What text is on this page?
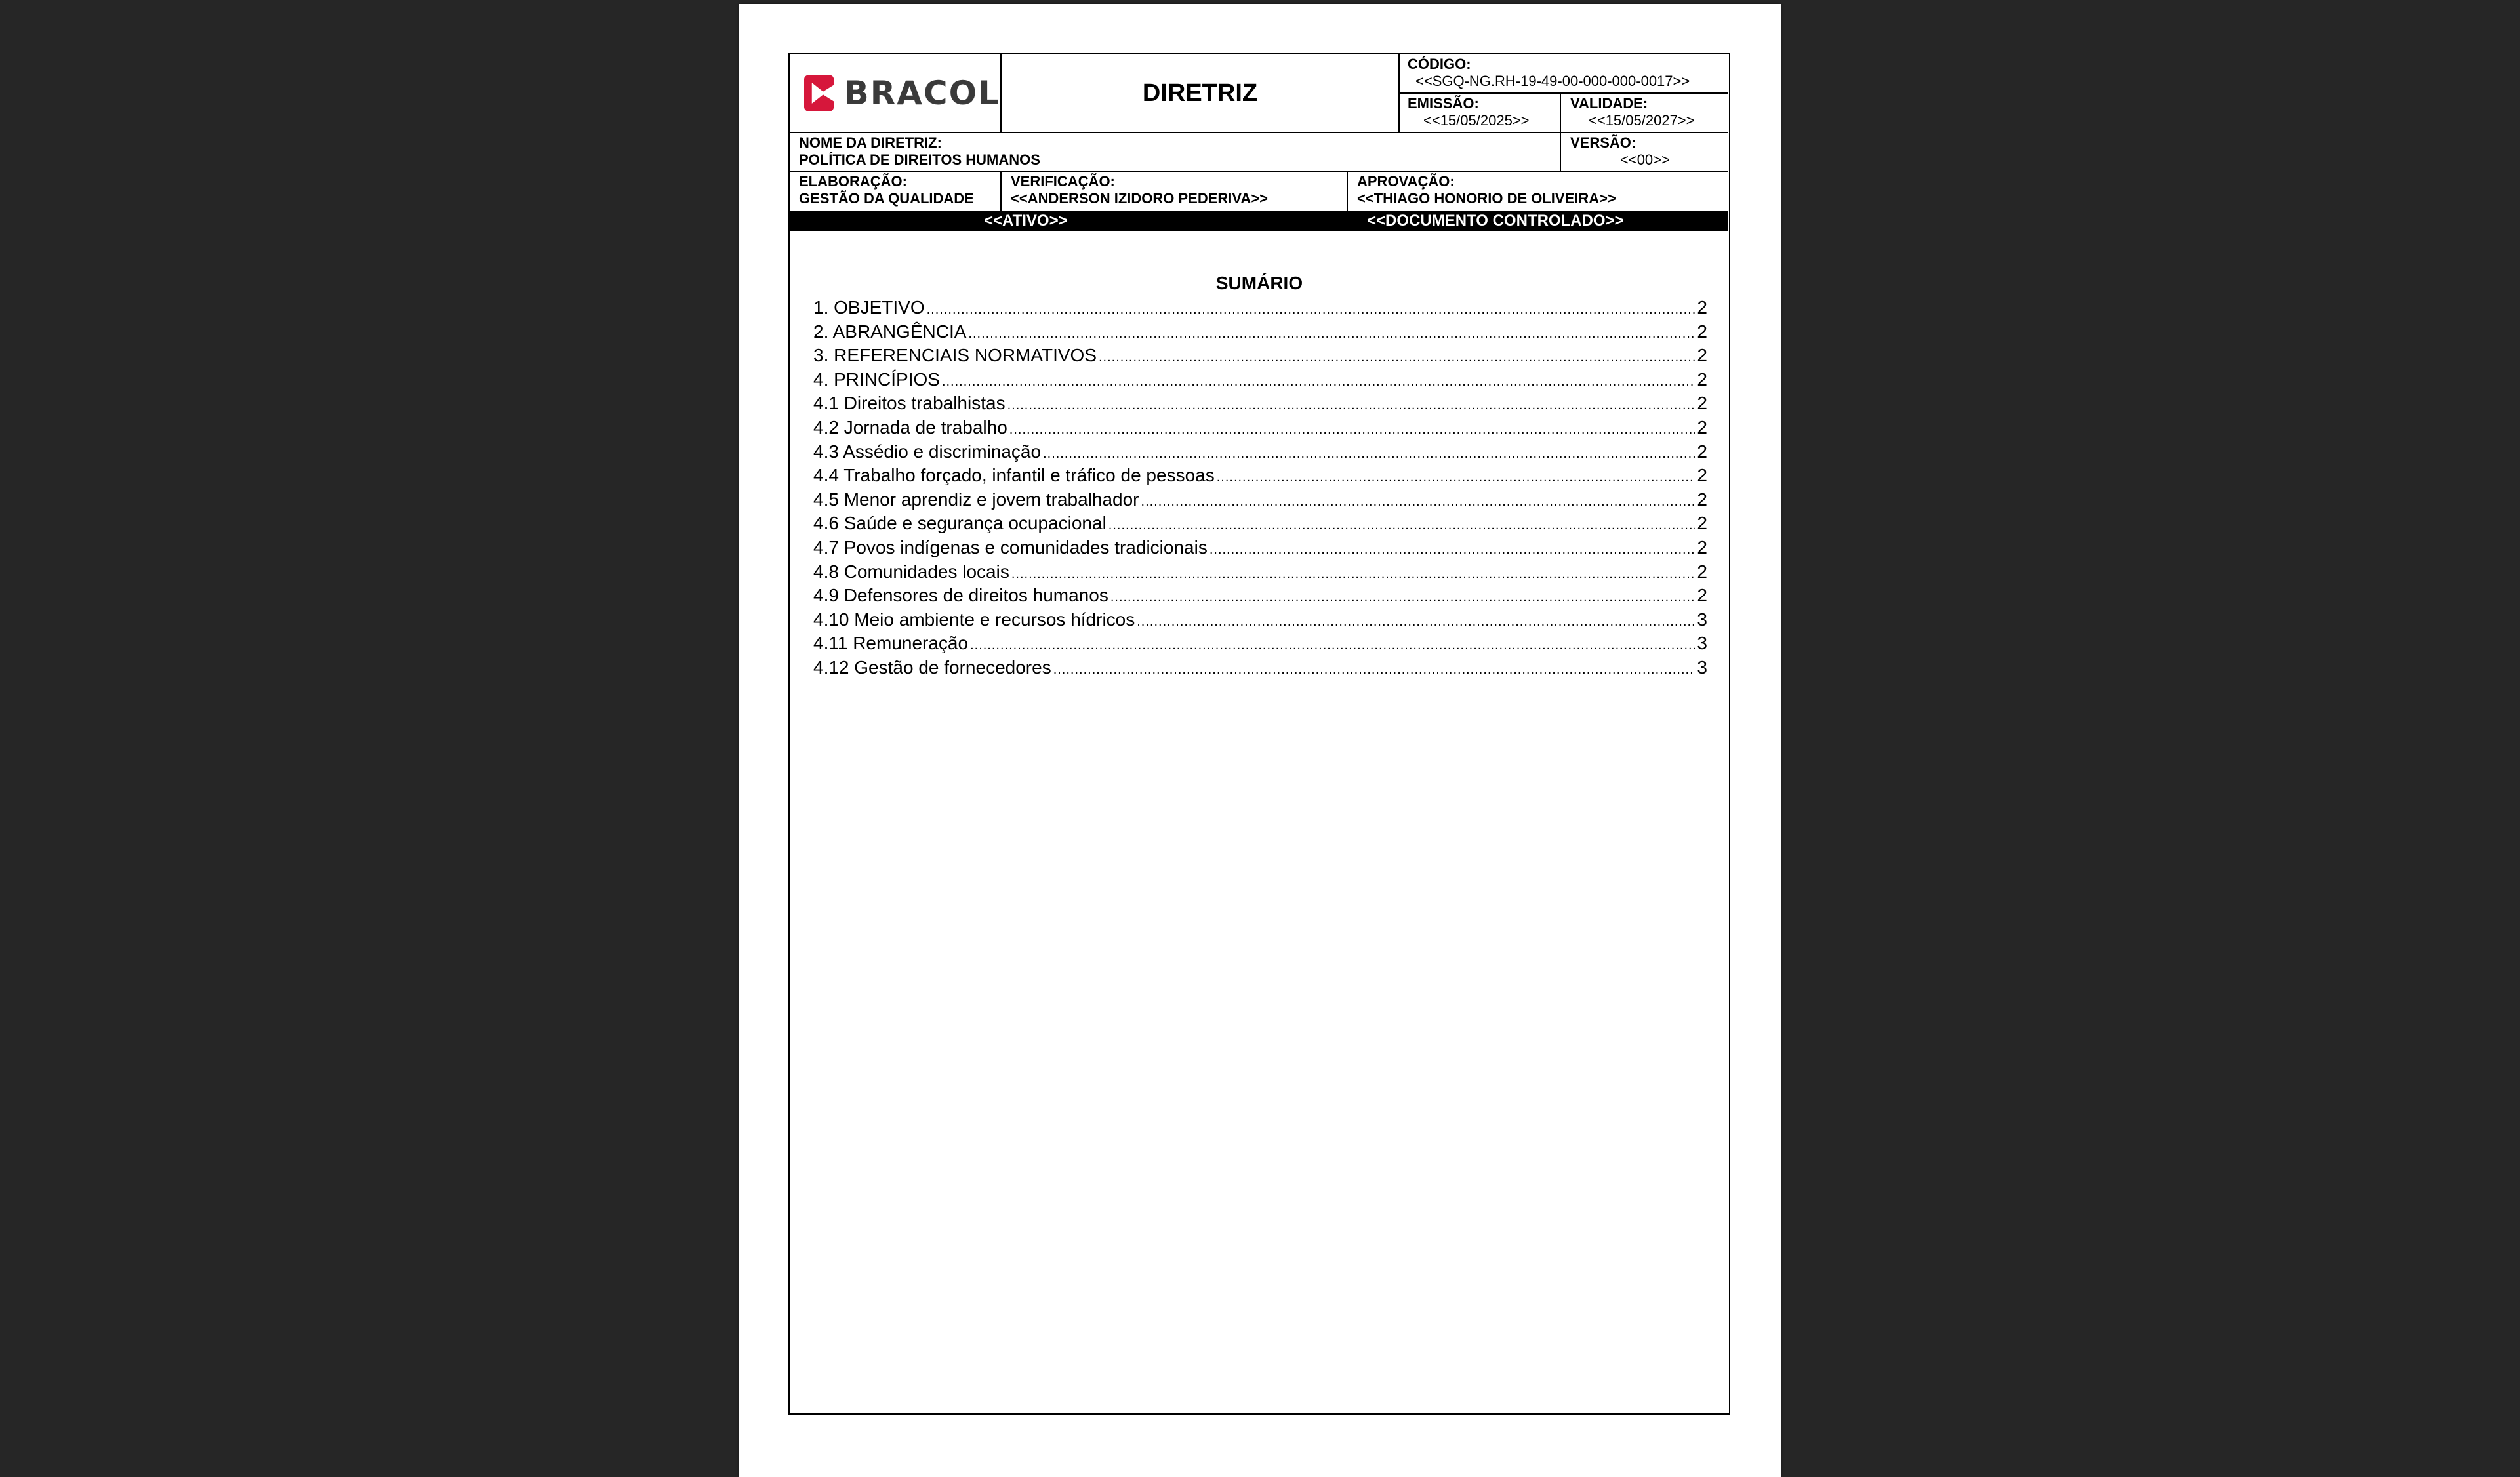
BRACOL	DIRETRIZ
CÓDIGO:
<<SGQ-NG.RH-19-49-00-000-000-0017>>
EMISSÃO:
<<15/05/2025>>
VALIDADE:
<<15/05/2027>>
NOME DA DIRETRIZ:
POLÍTICA DE DIREITOS HUMANOS
VERSÃO:
<<00>>
ELABORAÇÃO:
GESTÃO DA QUALIDADE
VERIFICAÇÃO:
<<ANDERSON IZIDORO PEDERIVA>>
APROVAÇÃO:
<<THIAGO HONORIO DE OLIVEIRA>>
<<ATIVO>>	<<DOCUMENTO CONTROLADO>>
SUMÁRIO
1. OBJETIVO .....	2
2. ABRANGÊNCIA .....	2
3. REFERENCIAIS NORMATIVOS .....	2
4. PRINCÍPIOS .....	2
4.1 Direitos trabalhistas .....	2
4.2 Jornada de trabalho .....	2
4.3 Assédio e discriminação .....	2
4.4 Trabalho forçado, infantil e tráfico de pessoas .....	2
4.5 Menor aprendiz e jovem trabalhador .....	2
4.6 Saúde e segurança ocupacional .....	2
4.7 Povos indígenas e comunidades tradicionais .....	2
4.8 Comunidades locais .....	2
4.9 Defensores de direitos humanos .....	2
4.10 Meio ambiente e recursos hídricos .....	3
4.11 Remuneração .....	3
4.12 Gestão de fornecedores .....	3
